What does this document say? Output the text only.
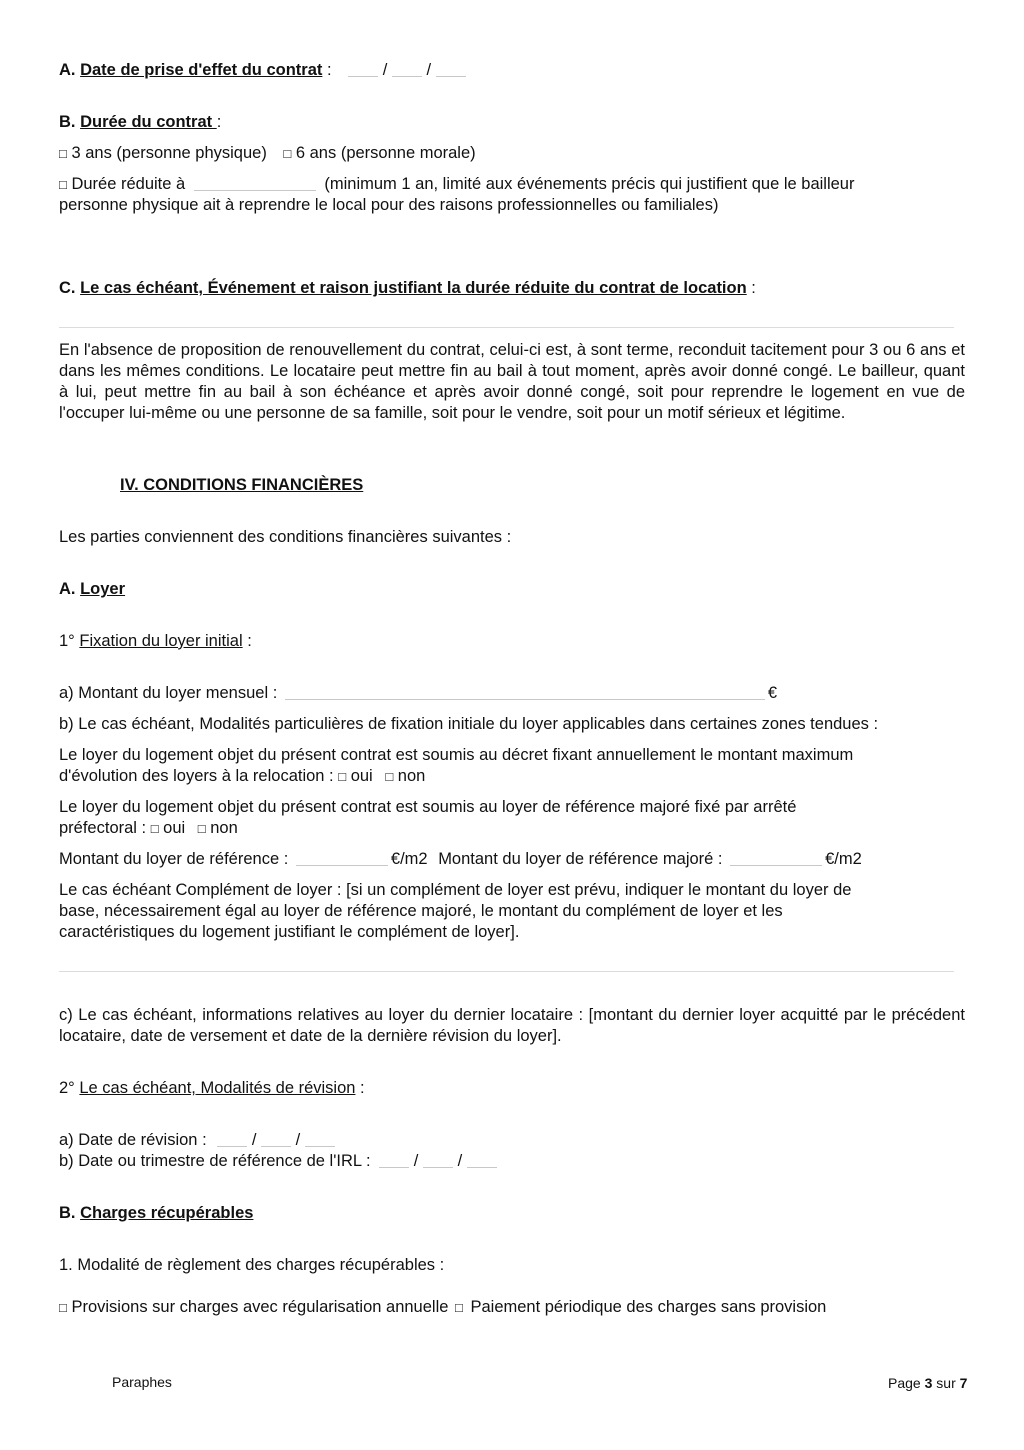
A. Date de prise d'effet du contrat :	/ /
B. Durée du contrat :
□ 3 ans (personne physique) □ 6 ans (personne morale)
□ Durée réduite à	(minimum 1 an, limité aux événements précis qui justifient que le bailleur
personne physique ait à reprendre le local pour des raisons professionnelles ou familiales)
C. Le cas échéant, Événement et raison justifiant la durée réduite du contrat de location :
En l'absence de proposition de renouvellement du contrat, celui-ci est, à sont terme, reconduit tacitement pour 3 ou 6 ans et dans les mêmes conditions. Le locataire peut mettre fin au bail à tout moment, après avoir donné congé. Le bailleur, quant à lui, peut mettre fin au bail à son échéance et après avoir donné congé, soit pour reprendre le logement en vue de l'occuper lui-même ou une personne de sa famille, soit pour le vendre, soit pour un motif sérieux et légitime.
IV. CONDITIONS FINANCIÈRES
Les parties conviennent des conditions financières suivantes :
A. Loyer
1° Fixation du loyer initial :
a) Montant du loyer mensuel :	€
b) Le cas échéant, Modalités particulières de fixation initiale du loyer applicables dans certaines zones tendues :
Le loyer du logement objet du présent contrat est soumis au décret fixant annuellement le montant maximum
d'évolution des loyers à la relocation : □ oui □ non
Le loyer du logement objet du présent contrat est soumis au loyer de référence majoré fixé par arrêté
préfectoral : □ oui □ non
Montant du loyer de référence :	€/m2 Montant du loyer de référence majoré :	€/m2
Le cas échéant Complément de loyer : [si un complément de loyer est prévu, indiquer le montant du loyer de
base, nécessairement égal au loyer de référence majoré, le montant du complément de loyer et les
caractéristiques du logement justifiant le complément de loyer].
c) Le cas échéant, informations relatives au loyer du dernier locataire : [montant du dernier loyer acquitté par le précédent locataire, date de versement et date de la dernière révision du loyer].
2° Le cas échéant, Modalités de révision :
a) Date de révision :	/ /
b) Date ou trimestre de référence de l'IRL :	/ /
B. Charges récupérables
1. Modalité de règlement des charges récupérables :
□ Provisions sur charges avec régularisation annuelle □ Paiement périodique des charges sans provision
Paraphes	Page 3 sur 7
